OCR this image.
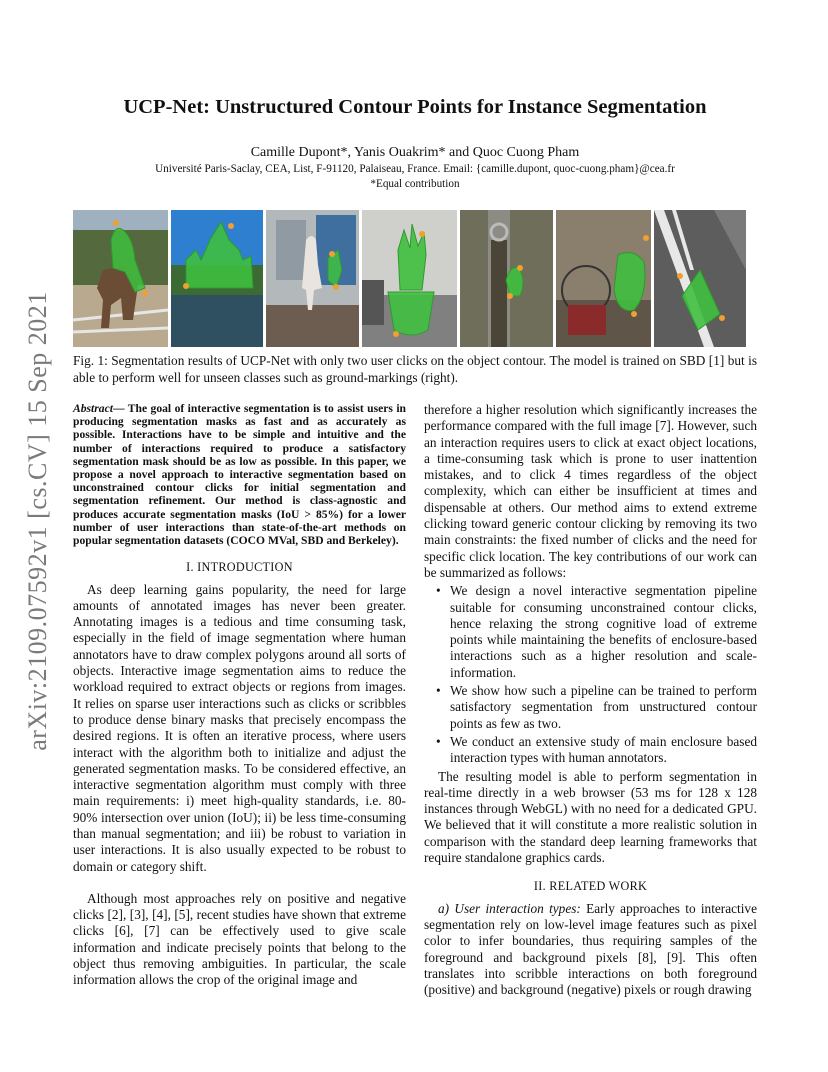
arXiv:2109.07592v1 [cs.CV] 15 Sep 2021
UCP-Net: Unstructured Contour Points for Instance Segmentation
Camille Dupont*, Yanis Ouakrim* and Quoc Cuong Pham
Université Paris-Saclay, CEA, List, F-91120, Palaiseau, France. Email: {camille.dupont, quoc-cuong.pham}@cea.fr
*Equal contribution
Fig. 1: Segmentation results of UCP-Net with only two user clicks on the object contour. The model is trained on SBD [1] but is able to perform well for unseen classes such as ground-markings (right).

Abstract— The goal of interactive segmentation is to assist users in producing segmentation masks as fast and as accurately as possible. Interactions have to be simple and intuitive and the number of interactions required to produce a satisfactory segmentation mask should be as low as possible. In this paper, we propose a novel approach to interactive segmentation based on unconstrained contour clicks for initial segmentation and segmentation refinement. Our method is class-agnostic and produces accurate segmentation masks (IoU > 85%) for a lower number of user interactions than state-of-the-art methods on popular segmentation datasets (COCO MVal, SBD and Berkeley).

I. INTRODUCTION

As deep learning gains popularity, the need for large amounts of annotated images has never been greater. Annotating images is a tedious and time consuming task, especially in the field of image segmentation where human annotators have to draw complex polygons around all sorts of objects. Interactive image segmentation aims to reduce the workload required to extract objects or regions from images. It relies on sparse user interactions such as clicks or scribbles to produce dense binary masks that precisely encompass the desired regions. It is often an iterative process, where users interact with the algorithm both to initialize and adjust the generated segmentation masks. To be considered effective, an interactive segmentation algorithm must comply with three main requirements: i) meet high-quality standards, i.e. 80-90% intersection over union (IoU); ii) be less time-consuming than manual segmentation; and iii) be robust to variation in user interactions. It is also usually expected to be robust to domain or category shift.

Although most approaches rely on positive and negative clicks [2], [3], [4], [5], recent studies have shown that extreme clicks [6], [7] can be effectively used to give scale information and indicate precisely points that belong to the object thus removing ambiguities. In particular, the scale information allows the crop of the original image and

therefore a higher resolution which significantly increases the performance compared with the full image [7]. However, such an interaction requires users to click at exact object locations, a time-consuming task which is prone to user inattention mistakes, and to click 4 times regardless of the object complexity, which can either be insufficient at times and dispensable at others. Our method aims to extend extreme clicking toward generic contour clicking by removing its two main constraints: the fixed number of clicks and the need for specific click location. The key contributions of our work can be summarized as follows:

• We design a novel interactive segmentation pipeline suitable for consuming unconstrained contour clicks, hence relaxing the strong cognitive load of extreme points while maintaining the benefits of enclosure-based interactions such as a higher resolution and scale-information.
• We show how such a pipeline can be trained to perform satisfactory segmentation from unstructured contour points as few as two.
• We conduct an extensive study of main enclosure based interaction types with human annotators.

The resulting model is able to perform segmentation in real-time directly in a web browser (53 ms for 128 x 128 instances through WebGL) with no need for a dedicated GPU. We believed that it will constitute a more realistic solution in comparison with the standard deep learning frameworks that require standalone graphics cards.

II. RELATED WORK

a) User interaction types: Early approaches to interactive segmentation rely on low-level image features such as pixel color to infer boundaries, thus requiring samples of the foreground and background pixels [8], [9]. This often translates into scribble interactions on both foreground (positive) and background (negative) pixels or rough drawing
